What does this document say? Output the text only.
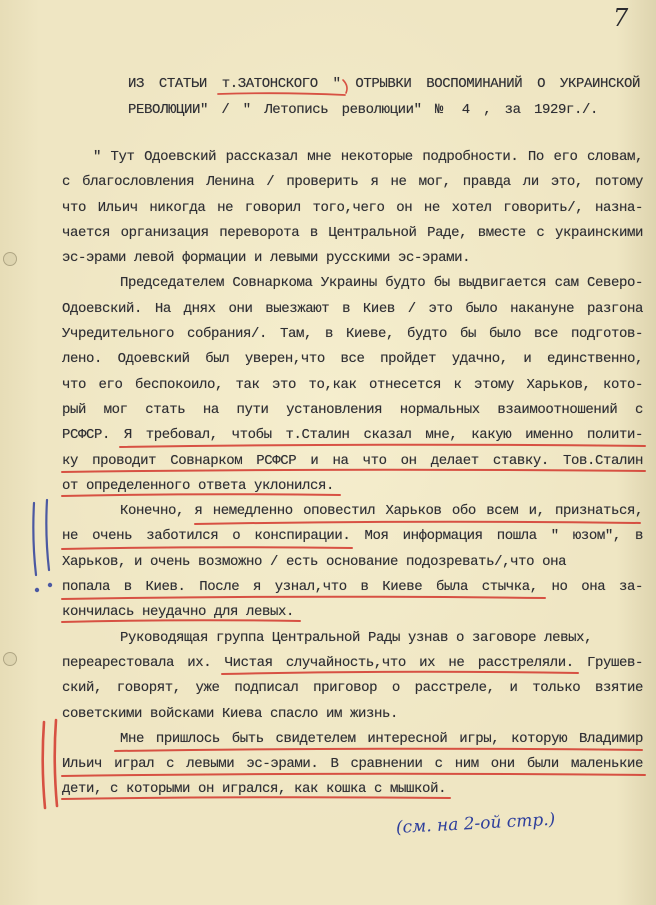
7
ИЗ СТАТЬИ т.ЗАТОНСКОГО " ОТРЫВКИ ВОСПОМИНАНИЙ О УКРАИНСКОЙ
РЕВОЛЮЦИИ" / " Летопись революции" № 4 , за 1929г./.
" Тут Одоевский рассказал мне некоторые подробности. По его словам,
с благословления Ленина / проверить я не мог, правда ли это, потому
что Ильич никогда не говорил того,чего он не хотел говорить/, назна-
чается организация переворота в Центральной Раде, вместе с украинскими
эс-эрами левой формации и левыми русскими эс-эрами.
Председателем Совнаркома Украины будто бы выдвигается сам Северо-
Одоевский. На днях они выезжают в Киев / это было накануне разгона
Учредительного собрания/. Там, в Киеве, будто бы было все подготов-
лено. Одоевский был уверен,что все пройдет удачно, и единственно,
что его беспокоило, так это то,как отнесется к этому Харьков, кото-
рый мог стать на пути установления нормальных взаимоотношений с
РСФСР. Я требовал, чтобы т.Сталин сказал мне, какую именно полити-
ку проводит Совнарком РСФСР и на что он делает ставку. Тов.Сталин
от определенного ответа уклонился.
Конечно, я немедленно оповестил Харьков обо всем и, признаться,
не очень заботился о конспирации. Моя информация пошла " юзом", в
Харьков, и очень возможно / есть основание подозревать/,что она
попала в Киев. После я узнал,что в Киеве была стычка, но она за-
кончилась неудачно для левых.
Руководящая группа Центральной Рады узнав о заговоре левых,
переарестовала их. Чистая случайность,что их не расстреляли. Грушев-
ский, говорят, уже подписал приговор о расстреле, и только взятие
советскими войсками Киева спасло им жизнь.
Мне пришлось быть свидетелем интересной игры, которую Владимир
Ильич играл с левыми эс-эрами. В сравнении с ним они были маленькие
дети, с которыми он игрался, как кошка с мышкой.
(см. на 2-ой стр.)
